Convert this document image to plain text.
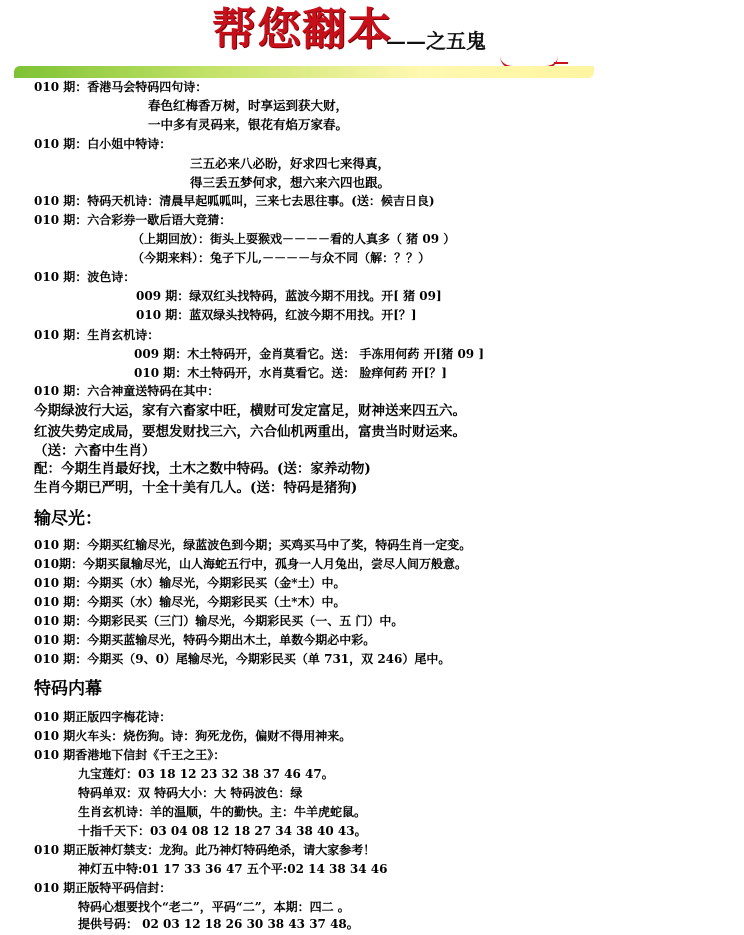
帮您翻本
——之五鬼
010 期：香港马会特码四句诗：
春色红梅香万树，时享运到获大财，
一中多有灵码来，银花有焰万家春。
010 期：白小姐中特诗：
三五必来八必盼，好求四七来得真，
得三丢五梦何求，想六来六四也跟。
010 期：特码天机诗：清晨早起呱呱叫，三来七去思往事。(送：候吉日良)
010 期：六合彩券一歇后语大竞猜：
（上期回放）：街头上耍猴戏－－－－看的人真多（ 猪 09 ）
（今期来料）：兔子下儿,－－－－与众不同（解：？？）
010 期：波色诗：
009 期：绿双红头找特码，蓝波今期不用找。开[ 猪 09]
010 期：蓝双绿头找特码，红波今期不用找。开[？]
010 期：生肖玄机诗：
009 期：木土特码开，金肖莫看它。送： 手冻用何药 开[猪 09 ]
010 期：木土特码开，水肖莫看它。送： 脸痒何药 开[？]
010 期：六合神童送特码在其中：
今期绿波行大运，家有六畜家中旺，横财可发定富足，财神送来四五六。
红波失势定成局，要想发财找三六，六合仙机两重出，富贵当时财运来。
（送：六畜中生肖）
配：今期生肖最好找，土木之数中特码。(送：家养动物)
生肖今期已严明，十全十美有几人。(送：特码是猪狗)
输尽光：
010 期：今期买红输尽光，绿蓝波色到今期；买鸡买马中了奖，特码生肖一定变。
010期：今期买鼠输尽光，山人海蛇五行中，孤身一人月兔出，尝尽人间万般意。
010 期：今期买（水）输尽光，今期彩民买（金*土）中。
010 期：今期买（水）输尽光，今期彩民买（土*木）中。
010 期：今期彩民买（三门）输尽光，今期彩民买（一、五 门）中。
010 期：今期买蓝输尽光，特码今期出木土，单数今期必中彩。
010 期：今期买（9、0）尾输尽光，今期彩民买（单 731，双 246）尾中。
特码内幕
010 期正版四字梅花诗：
010 期火车头：烧伤狗。诗：狗死龙伤，偏财不得用神来。
010 期香港地下信封《千王之王》：
九宝莲灯：03 18 12 23 32 38 37 46 47。
特码单双：双 特码大小：大 特码波色：绿
生肖玄机诗：羊的温顺，牛的勤快。主：牛羊虎蛇鼠。
十指千天下：03 04 08 12 18 27 34 38 40 43。
010 期正版神灯禁支：龙狗。此乃神灯特码绝杀，请大家参考！
神灯五中特:01 17 33 36 47 五个平:02 14 38 34 46
010 期正版特平码信封：
特码心想要找个“老二”，平码“二”，本期：四二 。
提供号码： 02 03 12 18 26 30 38 43 37 48。
